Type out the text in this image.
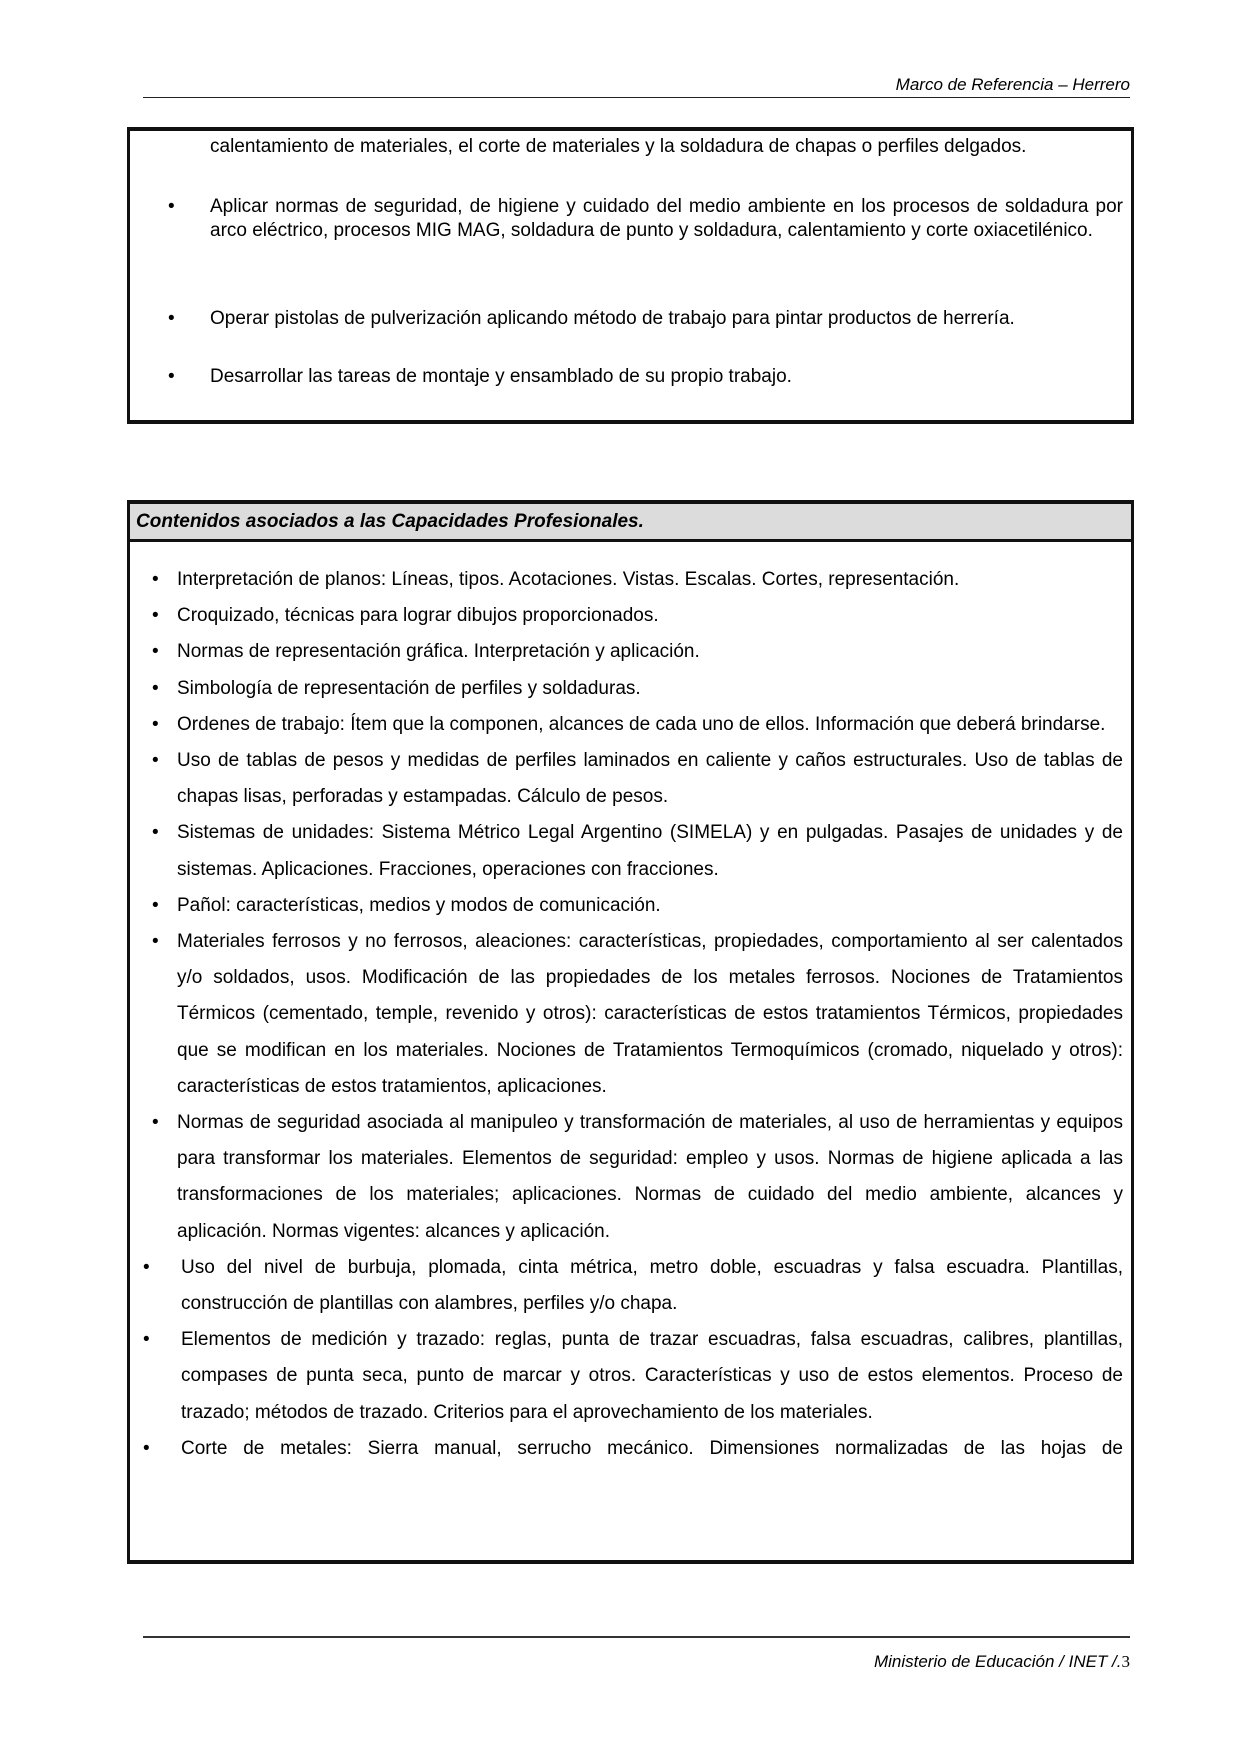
Marco de Referencia – Herrero
calentamiento de materiales, el corte de materiales y la soldadura de chapas o perfiles delgados.
• Aplicar normas de seguridad, de higiene y cuidado del medio ambiente en los procesos de soldadura por arco eléctrico, procesos MIG MAG, soldadura de punto y soldadura, calentamiento y corte oxiacetilénico.
• Operar pistolas de pulverización aplicando método de trabajo para pintar productos de herrería.
• Desarrollar las tareas de montaje y ensamblado de su propio trabajo.
Contenidos asociados a las Capacidades Profesionales.
• Interpretación de planos: Líneas, tipos. Acotaciones. Vistas. Escalas. Cortes, representación.
• Croquizado, técnicas para lograr dibujos proporcionados.
• Normas de representación gráfica. Interpretación y aplicación.
• Simbología de representación de perfiles y soldaduras.
• Ordenes de trabajo: Ítem que la componen, alcances de cada uno de ellos. Información que deberá brindarse.
• Uso de tablas de pesos y medidas de perfiles laminados en caliente y caños estructurales. Uso de tablas de chapas lisas, perforadas y estampadas. Cálculo de pesos.
• Sistemas de unidades: Sistema Métrico Legal Argentino (SIMELA) y en pulgadas. Pasajes de unidades y de sistemas. Aplicaciones. Fracciones, operaciones con fracciones.
• Pañol: características, medios y modos de comunicación.
• Materiales ferrosos y no ferrosos, aleaciones: características, propiedades, comportamiento al ser calentados y/o soldados, usos. Modificación de las propiedades de los metales ferrosos. Nociones de Tratamientos Térmicos (cementado, temple, revenido y otros): características de estos tratamientos Térmicos, propiedades que se modifican en los materiales. Nociones de Tratamientos Termoquímicos (cromado, niquelado y otros): características de estos tratamientos, aplicaciones.
• Normas de seguridad asociada al manipuleo y transformación de materiales, al uso de herramientas y equipos para transformar los materiales. Elementos de seguridad: empleo y usos. Normas de higiene aplicada a las transformaciones de los materiales; aplicaciones. Normas de cuidado del medio ambiente, alcances y aplicación. Normas vigentes: alcances y aplicación.
• Uso del nivel de burbuja, plomada, cinta métrica, metro doble, escuadras y falsa escuadra. Plantillas, construcción de plantillas con alambres, perfiles y/o chapa.
• Elementos de medición y trazado: reglas, punta de trazar escuadras, falsa escuadras, calibres, plantillas, compases de punta seca, punto de marcar y otros. Características y uso de estos elementos. Proceso de trazado; métodos de trazado. Criterios para el aprovechamiento de los materiales.
• Corte de metales: Sierra manual, serrucho mecánico. Dimensiones normalizadas de las hojas de
Ministerio de Educación / INET /.3
